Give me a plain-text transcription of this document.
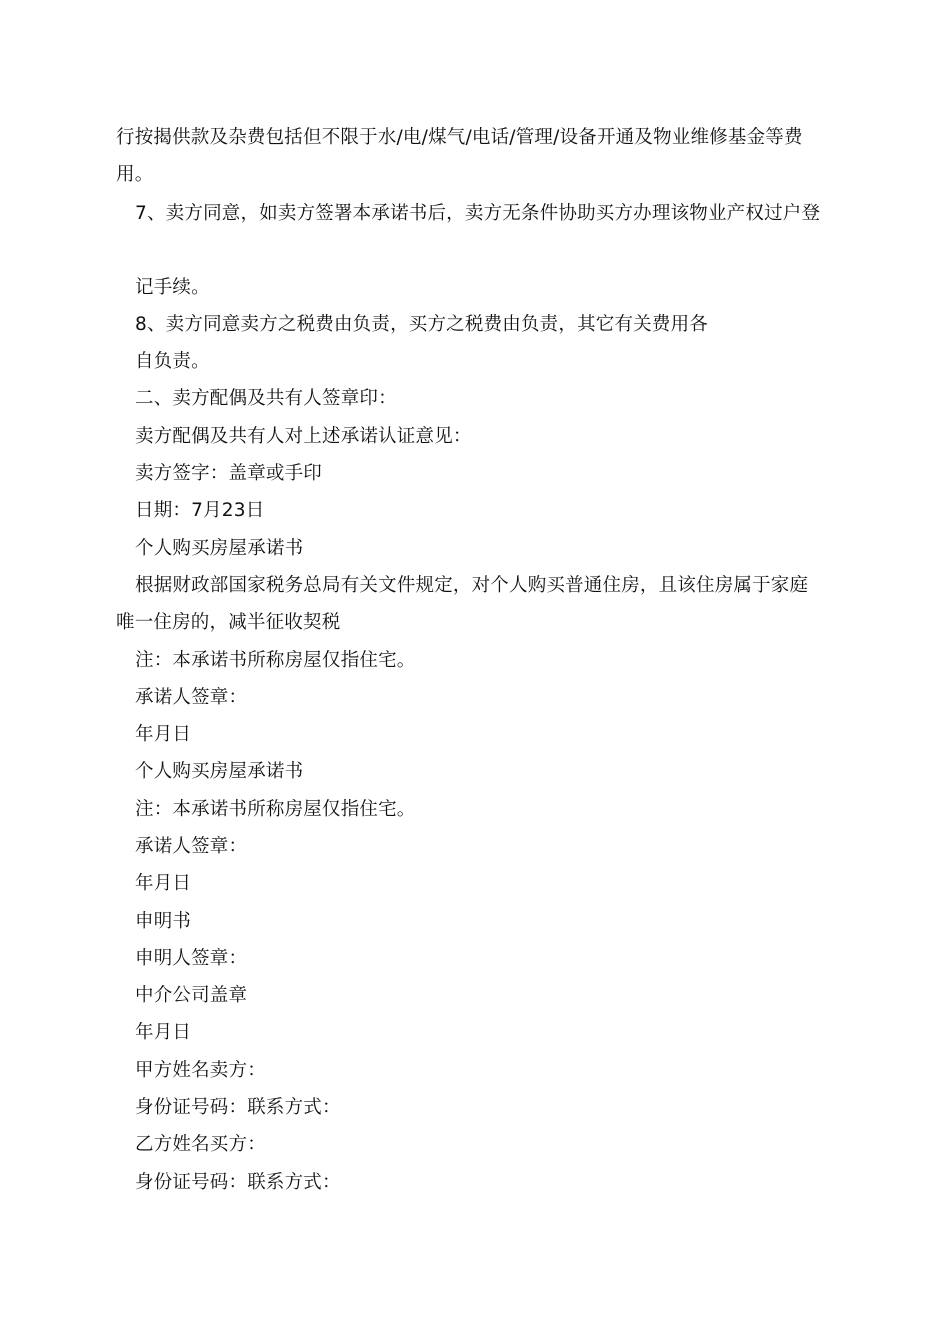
行按揭供款及杂费包括但不限于水/电/煤气/电话/管理/设备开通及物业维修基金等费
用。
7、卖方同意，如卖方签署本承诺书后，卖方无条件协助买方办理该物业产权过户登
记手续。
8、卖方同意卖方之税费由负责，买方之税费由负责，其它有关费用各
自负责。
二、卖方配偶及共有人签章印：
卖方配偶及共有人对上述承诺认证意见：
卖方签字：盖章或手印
日期：7月23日
个人购买房屋承诺书
根据财政部国家税务总局有关文件规定，对个人购买普通住房，且该住房属于家庭
唯一住房的，减半征收契税
注：本承诺书所称房屋仅指住宅。
承诺人签章：
年月日
个人购买房屋承诺书
注：本承诺书所称房屋仅指住宅。
承诺人签章：
年月日
申明书
申明人签章：
中介公司盖章
年月日
甲方姓名卖方：
身份证号码：联系方式：
乙方姓名买方：
身份证号码：联系方式：
